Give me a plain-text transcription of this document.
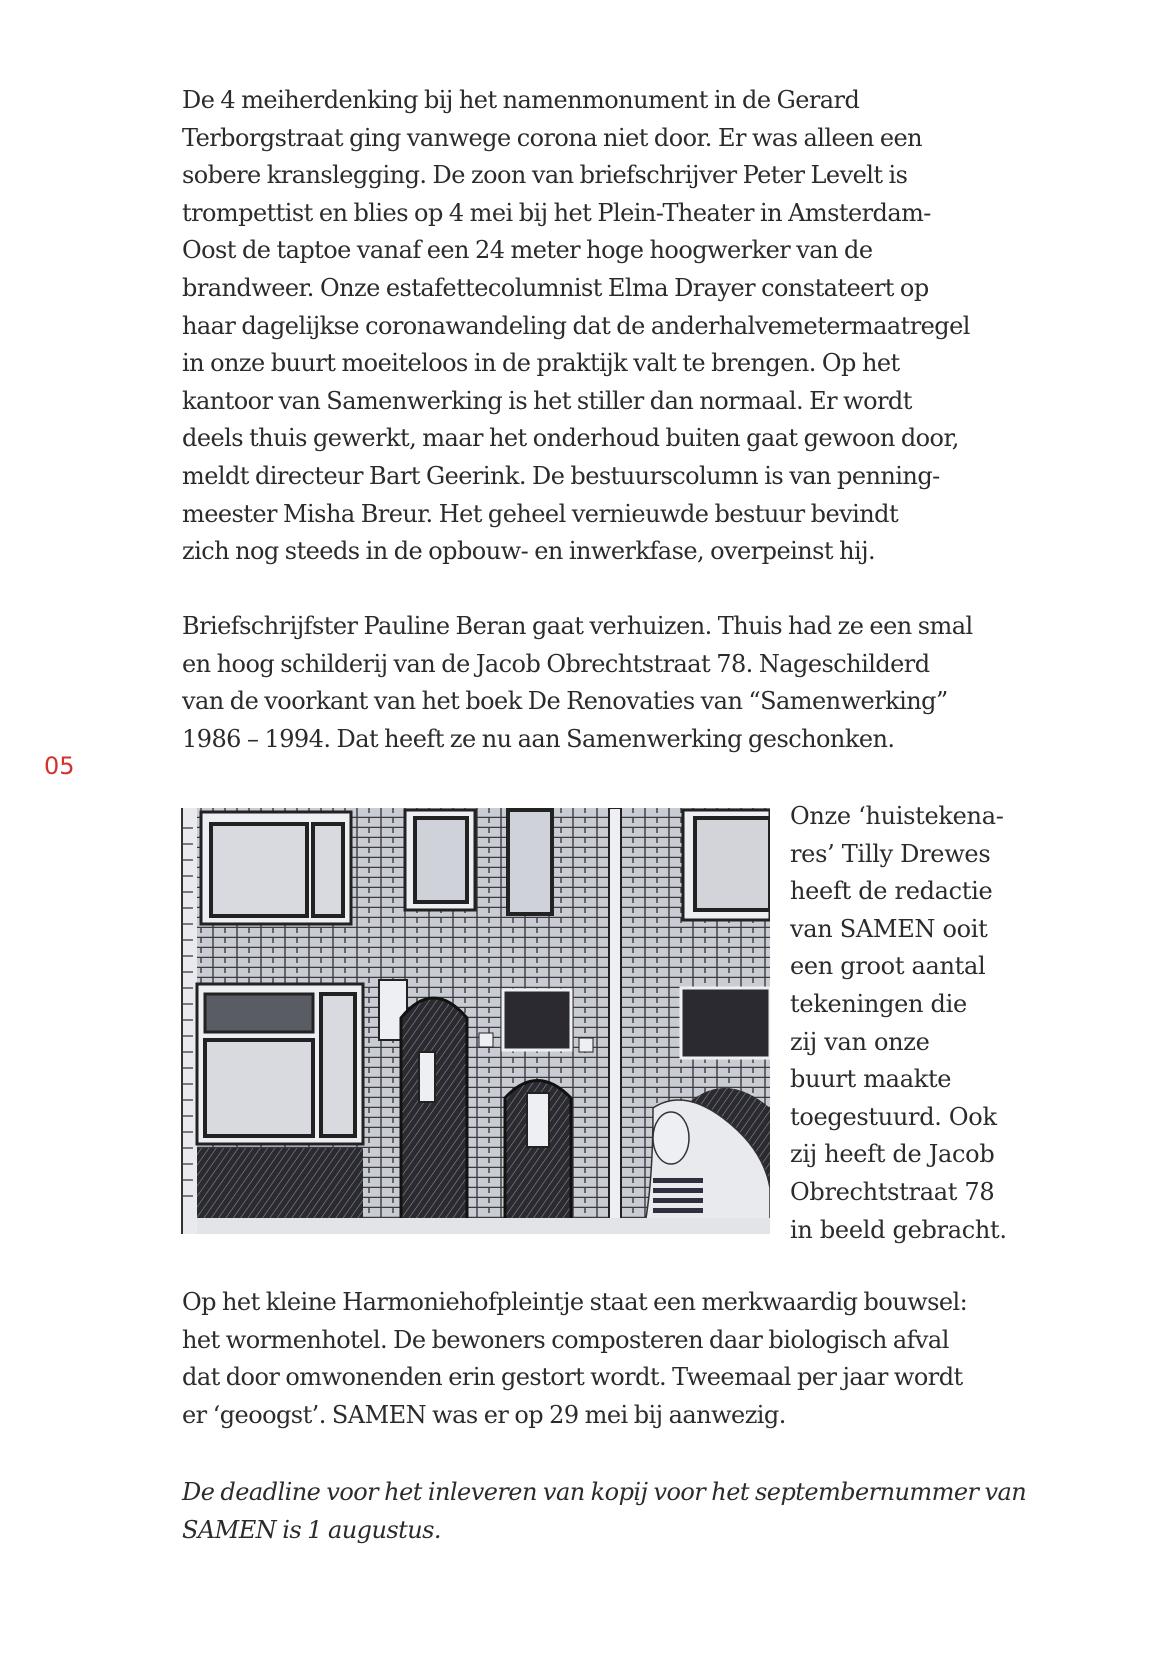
05
De 4 meiherdenking bij het namenmonument in de Gerard
Terborgstraat ging vanwege corona niet door. Er was alleen een
sobere kranslegging. De zoon van briefschrijver Peter Levelt is
trompettist en blies op 4 mei bij het Plein-Theater in Amsterdam-
Oost de taptoe vanaf een 24 meter hoge hoogwerker van de
brandweer. Onze estafettecolumnist Elma Drayer constateert op
haar dagelijkse coronawandeling dat de anderhalvemetermaatregel
in onze buurt moeiteloos in de praktijk valt te brengen. Op het
kantoor van Samenwerking is het stiller dan normaal. Er wordt
deels thuis gewerkt, maar het onderhoud buiten gaat gewoon door,
meldt directeur Bart Geerink. De bestuurscolumn is van penning-
meester Misha Breur. Het geheel vernieuwde bestuur bevindt
zich nog steeds in de opbouw- en inwerkfase, overpeinst hij.
Briefschrijfster Pauline Beran gaat verhuizen. Thuis had ze een smal
en hoog schilderij van de Jacob Obrechtstraat 78. Nageschilderd
van de voorkant van het boek De Renovaties van “Samenwerking”
1986 – 1994. Dat heeft ze nu aan Samenwerking geschonken.
Onze ‘huistekena-
res’ Tilly Drewes
heeft de redactie
van SAMEN ooit
een groot aantal
tekeningen die
zij van onze
buurt maakte
toegestuurd. Ook
zij heeft de Jacob
Obrechtstraat 78
in beeld gebracht.
Op het kleine Harmoniehofpleintje staat een merkwaardig bouwsel:
het wormenhotel. De bewoners composteren daar biologisch afval
dat door omwonenden erin gestort wordt. Tweemaal per jaar wordt
er ‘geoogst’. SAMEN was er op 29 mei bij aanwezig.
De deadline voor het inleveren van kopij voor het septembernummer van
SAMEN is 1 augustus.
